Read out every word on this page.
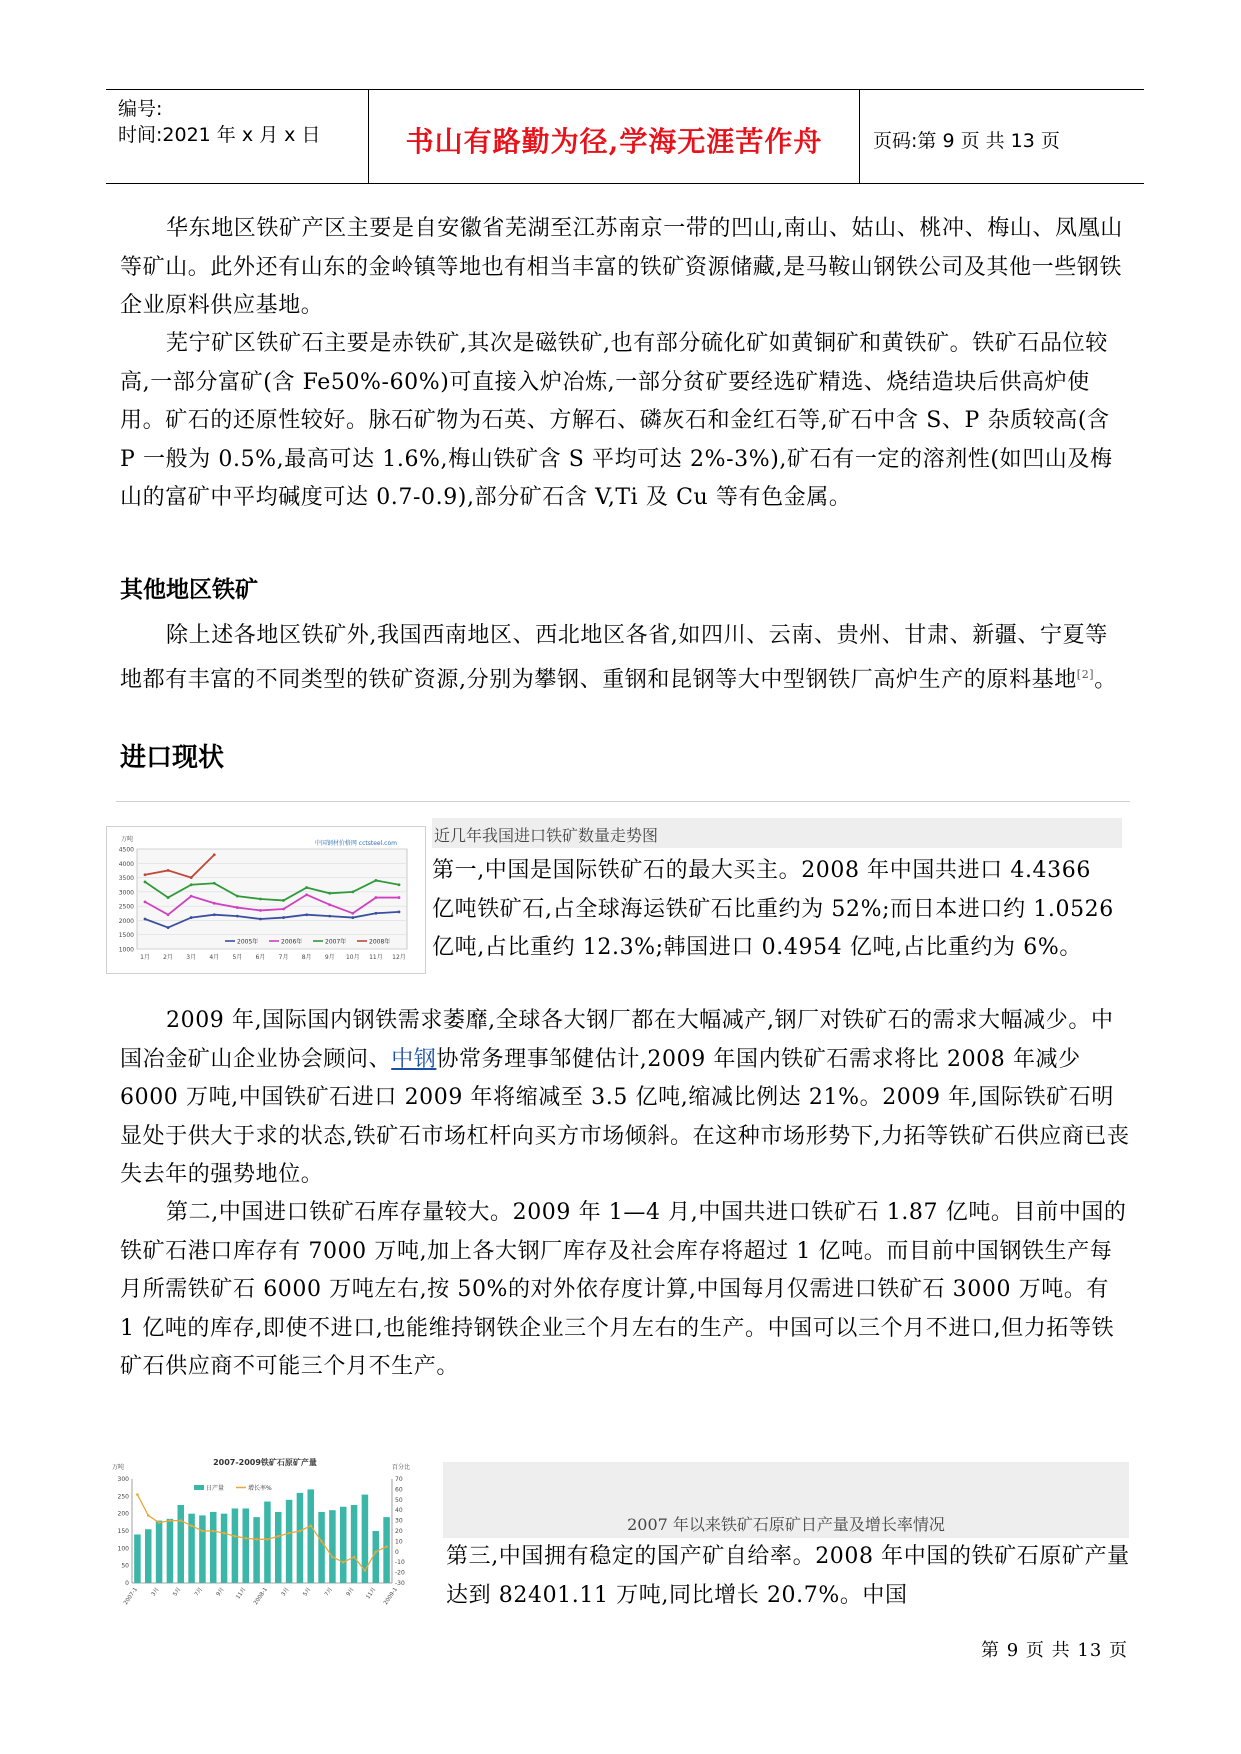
编号:
时间:2021 年 x 月 x 日	书山有路勤为径,学海无涯苦作舟	页码:第 9 页 共 13 页

华东地区铁矿产区主要是自安徽省芜湖至江苏南京一带的凹山,南山、姑山、桃冲、梅山、凤凰山等矿山。此外还有山东的金岭镇等地也有相当丰富的铁矿资源储藏,是马鞍山钢铁公司及其他一些钢铁企业原料供应基地。

芜宁矿区铁矿石主要是赤铁矿,其次是磁铁矿,也有部分硫化矿如黄铜矿和黄铁矿。铁矿石品位较高,一部分富矿(含 Fe50%-60%)可直接入炉冶炼,一部分贫矿要经选矿精选、烧结造块后供高炉使用。矿石的还原性较好。脉石矿物为石英、方解石、磷灰石和金红石等,矿石中含 S、P 杂质较高(含 P 一般为 0.5%,最高可达 1.6%,梅山铁矿含 S 平均可达 2%-3%),矿石有一定的溶剂性(如凹山及梅山的富矿中平均碱度可达 0.7-0.9),部分矿石含 V,Ti 及 Cu 等有色金属。

其他地区铁矿

除上述各地区铁矿外,我国西南地区、西北地区各省,如四川、云南、贵州、甘肃、新疆、宁夏等地都有丰富的不同类型的铁矿资源,分别为攀钢、重钢和昆钢等大中型钢铁厂高炉生产的原料基地[2]。

进口现状
1000
1500
2000
2500
3000
3500
4000
4500
万吨
1月 2月 3月 4月 5月 6月 7月 8月 9月 10月 11月 12月
中国钢材价格网 cctsteel.com
2005年	2006年	2007年	2008年
近几年我国进口铁矿数量走势图

第一,中国是国际铁矿石的最大买主。2008 年中国共进口 4.4366 亿吨铁矿石,占全球海运铁矿石比重约为 52%;而日本进口约 1.0526 亿吨,占比重约 12.3%;韩国进口 0.4954 亿吨,占比重约为 6%。

2009 年,国际国内钢铁需求萎靡,全球各大钢厂都在大幅减产,钢厂对铁矿石的需求大幅减少。中国冶金矿山企业协会顾问、中钢协常务理事邹健估计,2009 年国内铁矿石需求将比 2008 年减少 6000 万吨,中国铁矿石进口 2009 年将缩减至 3.5 亿吨,缩减比例达 21%。2009 年,国际铁矿石明显处于供大于求的状态,铁矿石市场杠杆向买方市场倾斜。在这种市场形势下,力拓等铁矿石供应商已丧失去年的强势地位。

第二,中国进口铁矿石库存量较大。2009 年 1—4 月,中国共进口铁矿石 1.87 亿吨。目前中国的铁矿石港口库存有 7000 万吨,加上各大钢厂库存及社会库存将超过 1 亿吨。而目前中国钢铁生产每月所需铁矿石 6000 万吨左右,按 50%的对外依存度计算,中国每月仅需进口铁矿石 3000 万吨。有 1 亿吨的库存,即使不进口,也能维持钢铁企业三个月左右的生产。中国可以三个月不进口,但力拓等铁矿石供应商不可能三个月不生产。

2007-2009铁矿石原矿产量
万吨	百分比
0
50
100
150
200
250
300
-30
-20
-10
0
10
20
30
40
50
60
70
2007-1 3月 5月 7月 9月 11月 2008-1 3月 5月 7月 9月 11月 2009-1
日产量	增长率%
2007 年以来铁矿石原矿日产量及增长率情况

第三,中国拥有稳定的国产矿自给率。2008 年中国的铁矿石原矿产量达到 82401.11 万吨,同比增长 20.7%。中国

第 9 页 共 13 页
